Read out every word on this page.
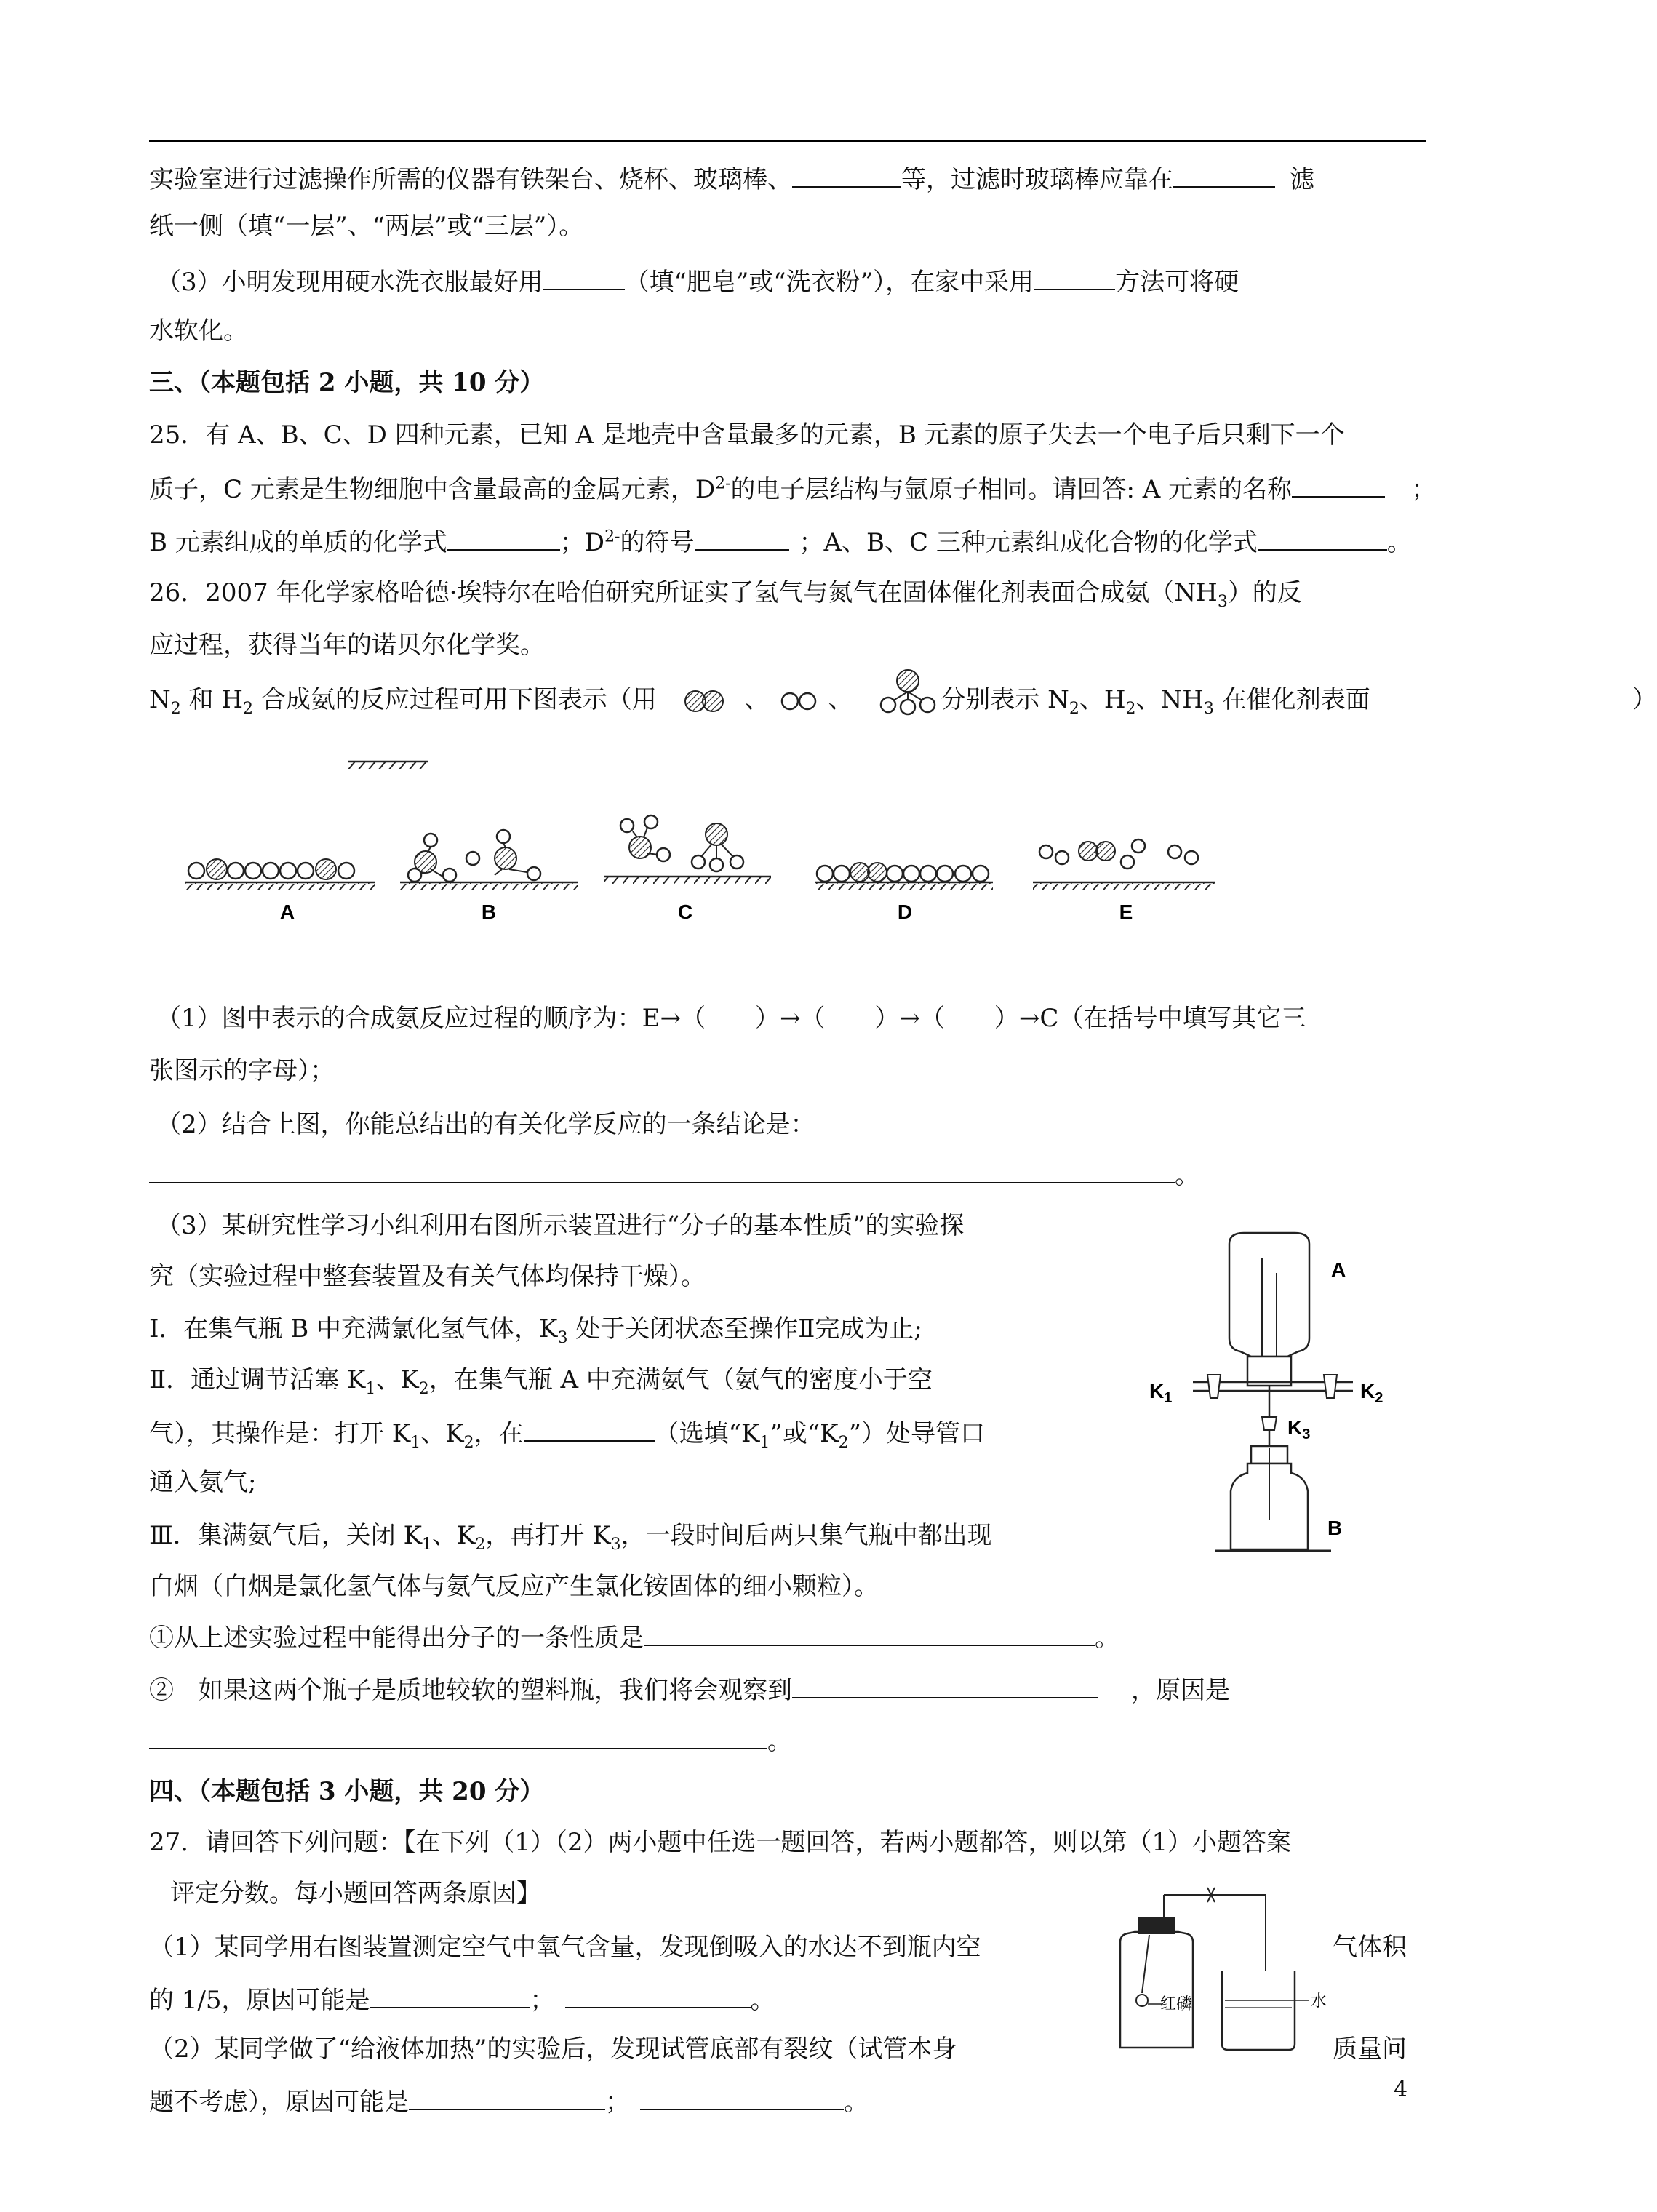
实验室进行过滤操作所需的仪器有铁架台、烧杯、玻璃棒、	等，过滤时玻璃棒应靠在	滤
纸一侧（填“一层”、“两层”或“三层”）。
（3）小明发现用硬水洗衣服最好用	（填“肥皂”或“洗衣粉”），在家中采用	方法可将硬
水软化。
三、（本题包括 2 小题，共 10 分）
25．有 A、B、C、D 四种元素，已知 A 是地壳中含量最多的元素，B 元素的原子失去一个电子后只剩下一个
质子，C 元素是生物细胞中含量最高的金属元素，$D^{2-}$的电子层结构与氩原子相同。请回答: A 元素的名称	；
B 元素组成的单质的化学式	；$D^{2-}$的符号	；A、B、C 三种元素组成化合物的化学式	。
26．2007 年化学家格哈德·埃特尔在哈伯研究所证实了氢气与氮气在固体催化剂表面合成氨$(NH_3)$的反
应过程，获得当年的诺贝尔化学奖。
$N_2$ 和 $H_2$ 合成氨的反应过程可用下图表示（用	、 、	分别表示 $N_2$、$H_2$、$NH_3$ 在催化剂表面	）
A	B	C	D	E
（1）图中表示的合成氨反应过程的顺序为：E→（　　）→（　　）→（　　）→C（在括号中填写其它三
张图示的字母）；
（2）结合上图，你能总结出的有关化学反应的一条结论是：
。
（3）某研究性学习小组利用右图所示装置进行“分子的基本性质”的实验探
究（实验过程中整套装置及有关气体均保持干燥）。
Ⅰ．在集气瓶 B 中充满氯化氢气体，$K_3$ 处于关闭状态至操作Ⅱ完成为止;
Ⅱ．通过调节活塞 $K_1$、$K_2$，在集气瓶 A 中充满氨气（氨气的密度小于空
气），其操作是：打开 $K_1$、$K_2$，在	（选填“$K_1$”或“$K_2$”）处导管口
通入氨气;
Ⅲ．集满氨气后，关闭 $K_1$、$K_2$，再打开 $K_3$，一段时间后两只集气瓶中都出现
白烟（白烟是氯化氢气体与氨气反应产生氯化铵固体的细小颗粒）。
①从上述实验过程中能得出分子的一条性质是	。
②　如果这两个瓶子是质地较软的塑料瓶，我们将会观察到	，原因是
。
A
$K_1$	$K_2$
$K_3$
B
四、（本题包括 3 小题，共 20 分）
27．请回答下列问题：【在下列（1）（2）两小题中任选一题回答，若两小题都答，则以第（1）小题答案
评定分数。每小题回答两条原因】
（1）某同学用右图装置测定空气中氧气含量，发现倒吸入的水达不到瓶内空	气体积
的 1/5，原因可能是	；	。
（2）某同学做了“给液体加热”的实验后，发现试管底部有裂纹（试管本身	质量问
题不考虑），原因可能是	；	。
红磷	水
4
